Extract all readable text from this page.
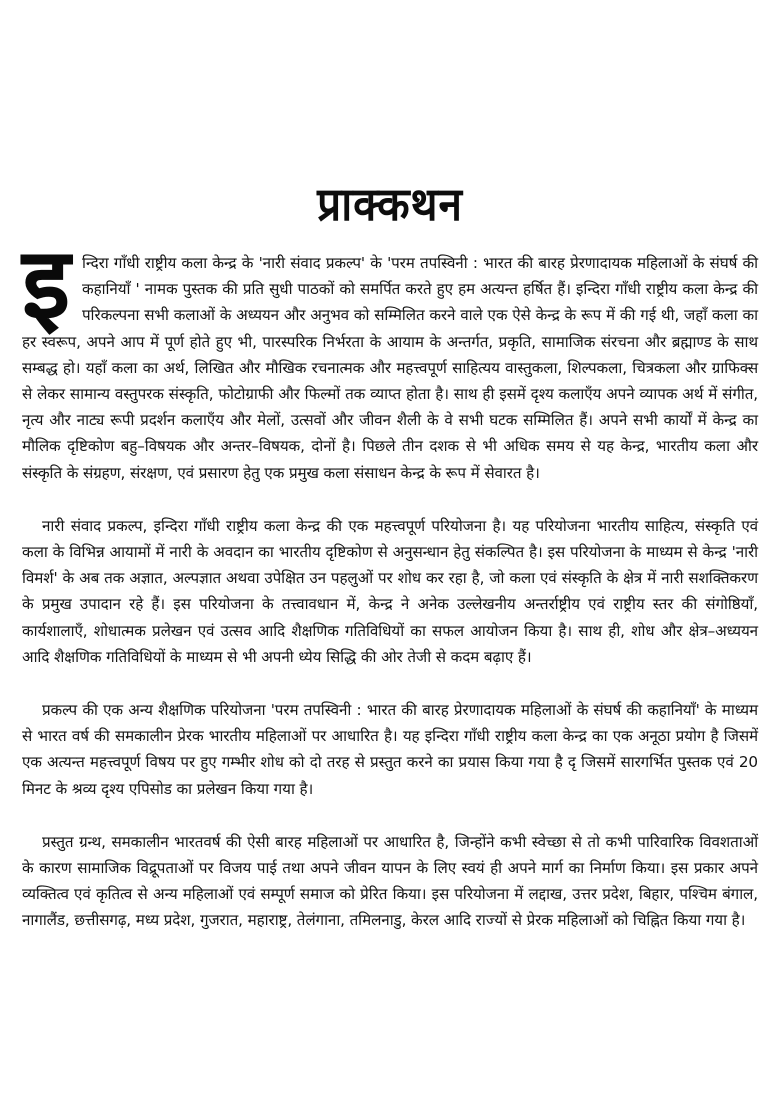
प्राक्कथन

इन्दिरा गाँधी राष्ट्रीय कला केन्द्र के 'नारी संवाद प्रकल्प' के 'परम तपस्विनी : भारत की बारह प्रेरणादायक महिलाओं के संघर्ष की कहानियाँ ' नामक पुस्तक की प्रति सुधी पाठकों को समर्पित करते हुए हम अत्यन्त हर्षित हैं। इन्दिरा गाँधी राष्ट्रीय कला केन्द्र की परिकल्पना सभी कलाओं के अध्ययन और अनुभव को सम्मिलित करने वाले एक ऐसे केन्द्र के रूप में की गई थी, जहाँ कला का हर स्वरूप, अपने आप में पूर्ण होते हुए भी, पारस्परिक निर्भरता के आयाम के अन्तर्गत, प्रकृति, सामाजिक संरचना और ब्रह्माण्ड के साथ सम्बद्ध हो। यहाँ कला का अर्थ, लिखित और मौखिक रचनात्मक और महत्त्वपूर्ण साहित्यय वास्तुकला, शिल्पकला, चित्रकला और ग्राफिक्स से लेकर सामान्य वस्तुपरक संस्कृति, फोटोग्राफी और फिल्मों तक व्याप्त होता है। साथ ही इसमें दृश्य कलाएँय अपने व्यापक अर्थ में संगीत, नृत्य और नाट्य रूपी प्रदर्शन कलाएँय और मेलों, उत्सवों और जीवन शैली के वे सभी घटक सम्मिलित हैं। अपने सभी कार्यों में केन्द्र का मौलिक दृष्टिकोण बहु–विषयक और अन्तर–विषयक, दोनों है। पिछले तीन दशक से भी अधिक समय से यह केन्द्र, भारतीय कला और संस्कृति के संग्रहण, संरक्षण, एवं प्रसारण हेतु एक प्रमुख कला संसाधन केन्द्र के रूप में सेवारत है।

नारी संवाद प्रकल्प, इन्दिरा गाँधी राष्ट्रीय कला केन्द्र की एक महत्त्वपूर्ण परियोजना है। यह परियोजना भारतीय साहित्य, संस्कृति एवं कला के विभिन्न आयामों में नारी के अवदान का भारतीय दृष्टिकोण से अनुसन्धान हेतु संकल्पित है। इस परियोजना के माध्यम से केन्द्र 'नारी विमर्श' के अब तक अज्ञात, अल्पज्ञात अथवा उपेक्षित उन पहलुओं पर शोध कर रहा है, जो कला एवं संस्कृति के क्षेत्र में नारी सशक्तिकरण के प्रमुख उपादान रहे हैं। इस परियोजना के तत्त्वावधान में, केन्द्र ने अनेक उल्लेखनीय अन्तर्राष्ट्रीय एवं राष्ट्रीय स्तर की संगोष्ठियाँ, कार्यशालाएँ, शोधात्मक प्रलेखन एवं उत्सव आदि शैक्षणिक गतिविधियों का सफल आयोजन किया है। साथ ही, शोध और क्षेत्र–अध्ययन आदि शैक्षणिक गतिविधियों के माध्यम से भी अपनी ध्येय सिद्धि की ओर तेजी से कदम बढ़ाए हैं।

प्रकल्प की एक अन्य शैक्षणिक परियोजना 'परम तपस्विनी : भारत की बारह प्रेरणादायक महिलाओं के संघर्ष की कहानियाँ' के माध्यम से भारत वर्ष की समकालीन प्रेरक भारतीय महिलाओं पर आधारित है। यह इन्दिरा गाँधी राष्ट्रीय कला केन्द्र का एक अनूठा प्रयोग है जिसमें एक अत्यन्त महत्त्वपूर्ण विषय पर हुए गम्भीर शोध को दो तरह से प्रस्तुत करने का प्रयास किया गया है दृ जिसमें सारगर्भित पुस्तक एवं 20 मिनट के श्रव्य दृश्य एपिसोड का प्रलेखन किया गया है।

प्रस्तुत ग्रन्थ, समकालीन भारतवर्ष की ऐसी बारह महिलाओं पर आधारित है, जिन्होंने कभी स्वेच्छा से तो कभी पारिवारिक विवशताओं के कारण सामाजिक विद्रूपताओं पर विजय पाई तथा अपने जीवन यापन के लिए स्वयं ही अपने मार्ग का निर्माण किया। इस प्रकार अपने व्यक्तित्व एवं कृतित्व से अन्य महिलाओं एवं सम्पूर्ण समाज को प्रेरित किया। इस परियोजना में लद्दाख, उत्तर प्रदेश, बिहार, पश्चिम बंगाल, नागालैंड, छत्तीसगढ़, मध्य प्रदेश, गुजरात, महाराष्ट्र, तेलंगाना, तमिलनाडु, केरल आदि राज्यों से प्रेरक महिलाओं को चिह्नित किया गया है।
